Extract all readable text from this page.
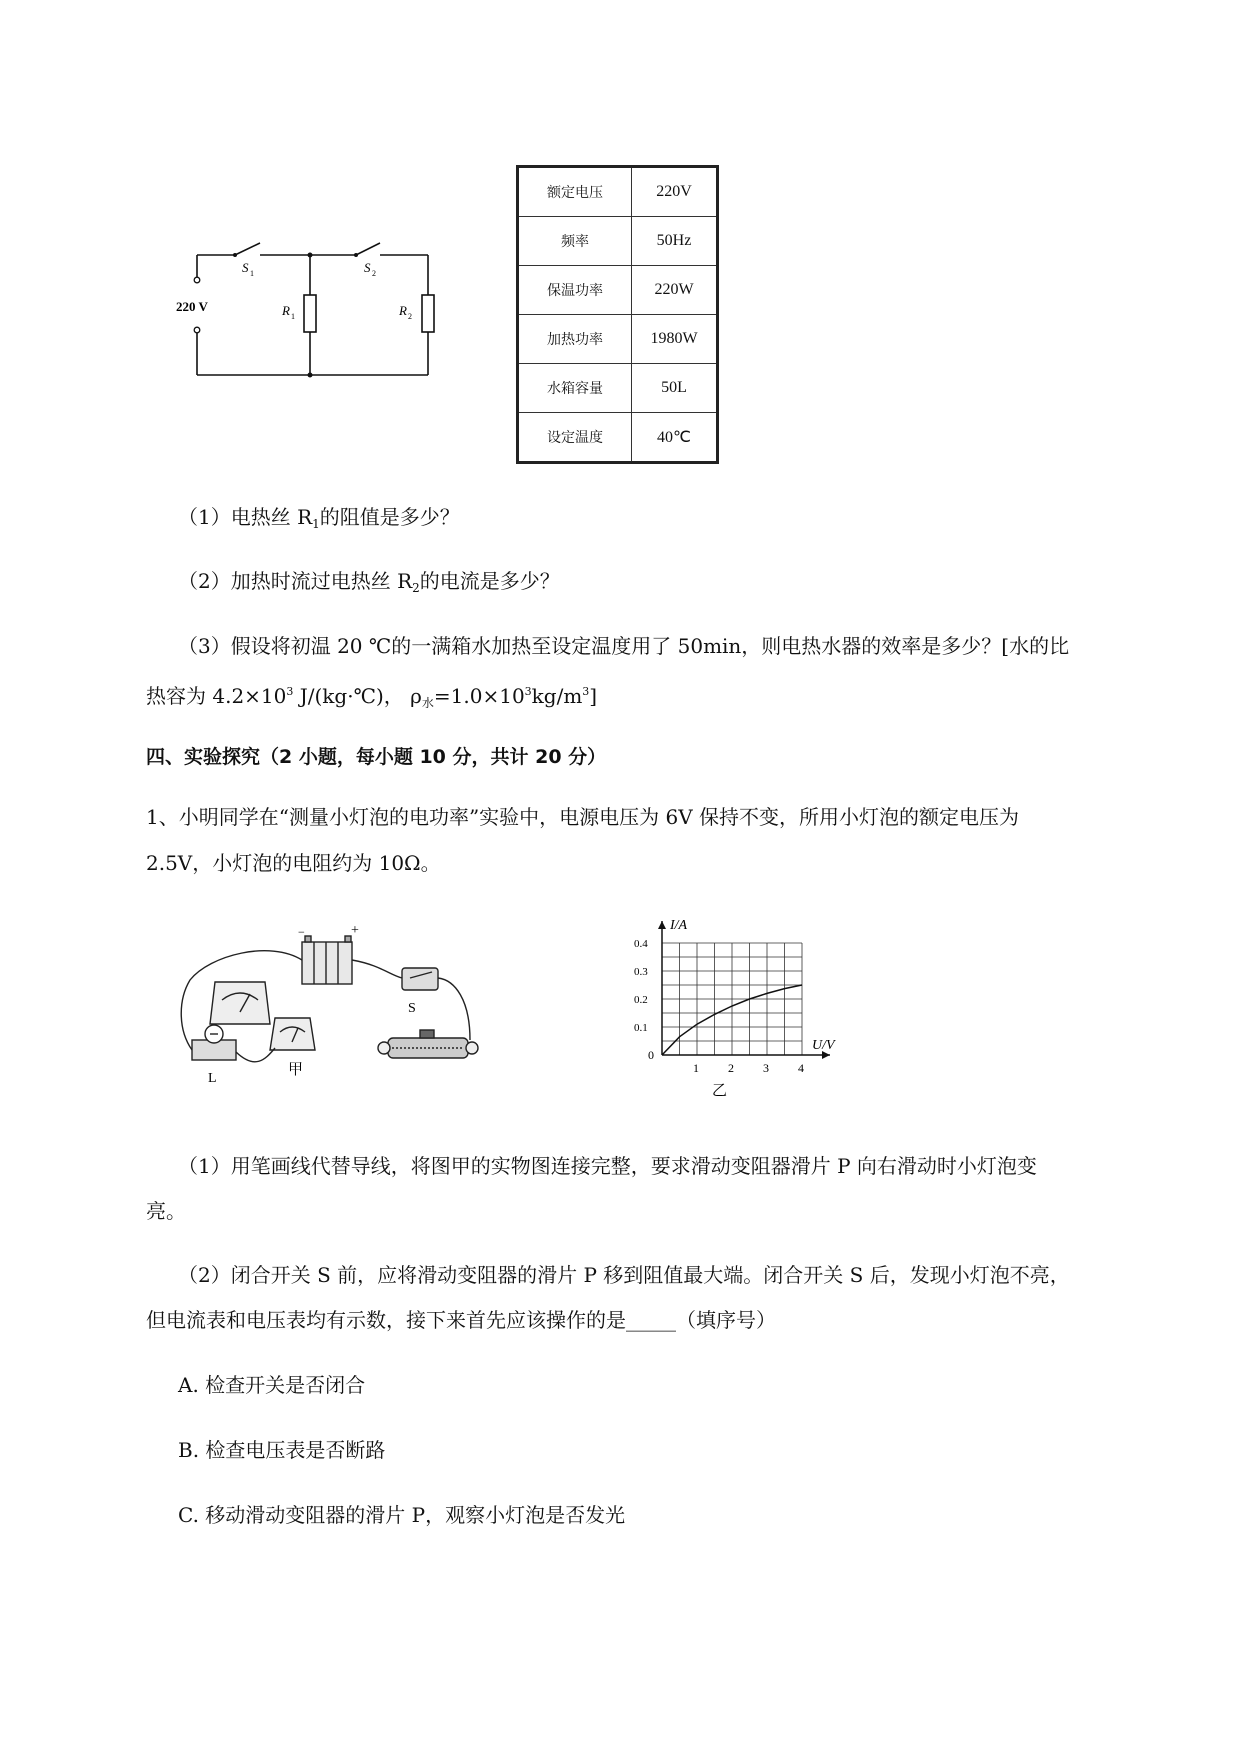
S 1	S 2
220 V	R 1	R 2
额定电压	220V
频率	50Hz
保温功率	220W
加热功率	1980W
水箱容量	50L
设定温度	40℃
（1）电热丝 $R_1$的阻值是多少？
（2）加热时流过电热丝 $R_2$的电流是多少？
（3）假设将初温 20 ℃的一满箱水加热至设定温度用了 50min，则电热水器的效率是多少？[水的比
热容为 $4.2\times 10^3$ J/(kg·℃)， $\rho_水=1.0\times 10^3kg/m^3$]
四、实验探究（2 小题，每小题 10 分，共计 20 分）
1、小明同学在“测量小灯泡的电功率”实验中，电源电压为 6V 保持不变，所用小灯泡的额定电压为
2.5V，小灯泡的电阻约为 10Ω。
+
−
S
L
甲	1 2 3 4
0.1
0.2
0.3
0.4
I/A
U/V
0
乙
（1）用笔画线代替导线，将图甲的实物图连接完整，要求滑动变阻器滑片 P 向右滑动时小灯泡变
亮。
（2）闭合开关 S 前，应将滑动变阻器的滑片 P 移到阻值最大端。闭合开关 S 后，发现小灯泡不亮，
但电流表和电压表均有示数，接下来首先应该操作的是_____（填序号）
A. 检查开关是否闭合
B. 检查电压表是否断路
C. 移动滑动变阻器的滑片 P，观察小灯泡是否发光
